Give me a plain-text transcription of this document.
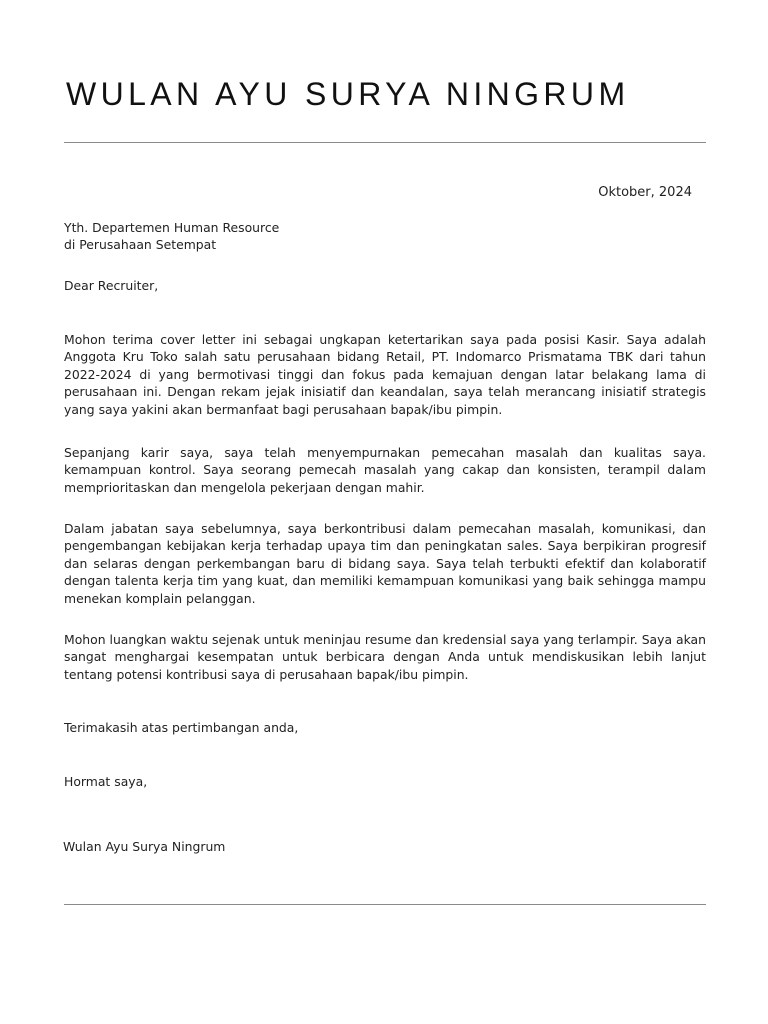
WULAN AYU SURYA NINGRUM
Oktober, 2024
Yth. Departemen Human Resource
di Perusahaan Setempat
Dear Recruiter,
Mohon terima cover letter ini sebagai ungkapan ketertarikan saya pada posisi Kasir. Saya adalah Anggota Kru Toko salah satu perusahaan bidang Retail, PT. Indomarco Prismatama TBK dari tahun 2022-2024 di yang bermotivasi tinggi dan fokus pada kemajuan dengan latar belakang lama di perusahaan ini. Dengan rekam jejak inisiatif dan keandalan, saya telah merancang inisiatif strategis yang saya yakini akan bermanfaat bagi perusahaan bapak/ibu pimpin.
Sepanjang karir saya, saya telah menyempurnakan pemecahan masalah dan kualitas saya. kemampuan kontrol. Saya seorang pemecah masalah yang cakap dan konsisten, terampil dalam memprioritaskan dan mengelola pekerjaan dengan mahir.
Dalam jabatan saya sebelumnya, saya berkontribusi dalam pemecahan masalah, komunikasi, dan pengembangan kebijakan kerja terhadap upaya tim dan peningkatan sales. Saya berpikiran progresif dan selaras dengan perkembangan baru di bidang saya. Saya telah terbukti efektif dan kolaboratif dengan talenta kerja tim yang kuat, dan memiliki kemampuan komunikasi yang baik sehingga mampu menekan komplain pelanggan.
Mohon luangkan waktu sejenak untuk meninjau resume dan kredensial saya yang terlampir. Saya akan sangat menghargai kesempatan untuk berbicara dengan Anda untuk mendiskusikan lebih lanjut tentang potensi kontribusi saya di perusahaan bapak/ibu pimpin.
Terimakasih atas pertimbangan anda,
Hormat saya,
Wulan Ayu Surya Ningrum
